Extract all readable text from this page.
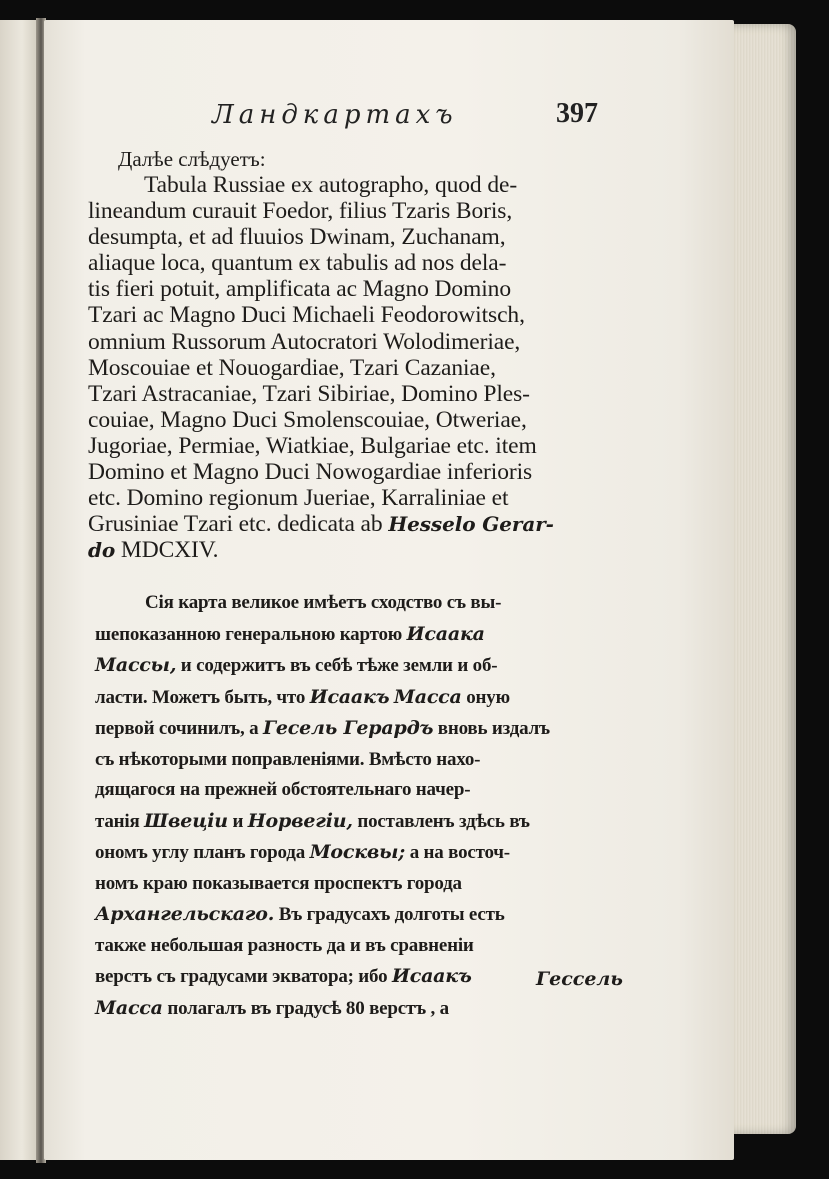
Ландкартахъ	397
Далѣе слѣдуетъ:
Tabula Russiae ex autographo, quod de-
lineandum curauit Foedor, filius Tzaris Boris,
desumpta, et ad fluuios Dwinam, Zuchanam,
aliaque loca, quantum ex tabulis ad nos dela-
tis fieri potuit, amplificata ac Magno Domino
Tzari ac Magno Duci Michaeli Feodorowitsch,
omnium Russorum Autocratori Wolodimeriae,
Moscouiae et Nouogardiae, Tzari Cazaniae,
Tzari Astracaniae, Tzari Sibiriae, Domino Ples-
couiae, Magno Duci Smolenscouiae, Otweriae,
Jugoriae, Permiae, Wiatkiae, Bulgariae etc. item
Domino et Magno Duci Nowogardiae inferioris
etc. Domino regionum Jueriae, Karraliniae et
Grusiniae Tzari etc. dedicata ab Hesselo Gerar-
do MDCXIV.
Сія карта великое имѣетъ сходство съ вы-
шепоказанною генеральною картою Исаака
Массы, и содержитъ въ себѣ тѣже земли и об-
ласти. Можетъ быть, что Исаакъ Масса оную
первой сочинилъ, а Гесель Герардъ вновь издалъ
съ нѣкоторыми поправленіями. Вмѣсто нахо-
дящагося на прежней обстоятельнаго начер-
танія Швеціи и Норвегіи, поставленъ здѣсь въ
ономъ углу планъ города Москвы; а на восточ-
номъ краю показывается проспектъ города
Архангельскаго. Въ градусахъ долготы есть
также небольшая разность да и въ сравненіи
верстъ съ градусами экватора; ибо Исаакъ
Масса полагалъ въ градусѣ 80 верстъ , а
Гессель
